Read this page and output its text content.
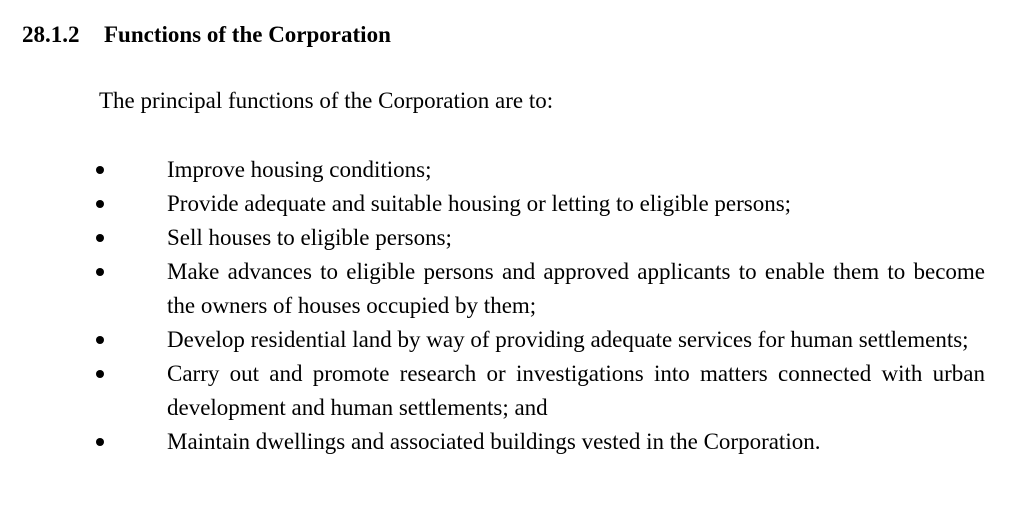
28.1.2 Functions of the Corporation
The principal functions of the Corporation are to:
Improve housing conditions;
Provide adequate and suitable housing or letting to eligible persons;
Sell houses to eligible persons;
Make advances to eligible persons and approved applicants to enable them to become the owners of houses occupied by them;
Develop residential land by way of providing adequate services for human settlements;
Carry out and promote research or investigations into matters connected with urban development and human settlements; and
Maintain dwellings and associated buildings vested in the Corporation.
